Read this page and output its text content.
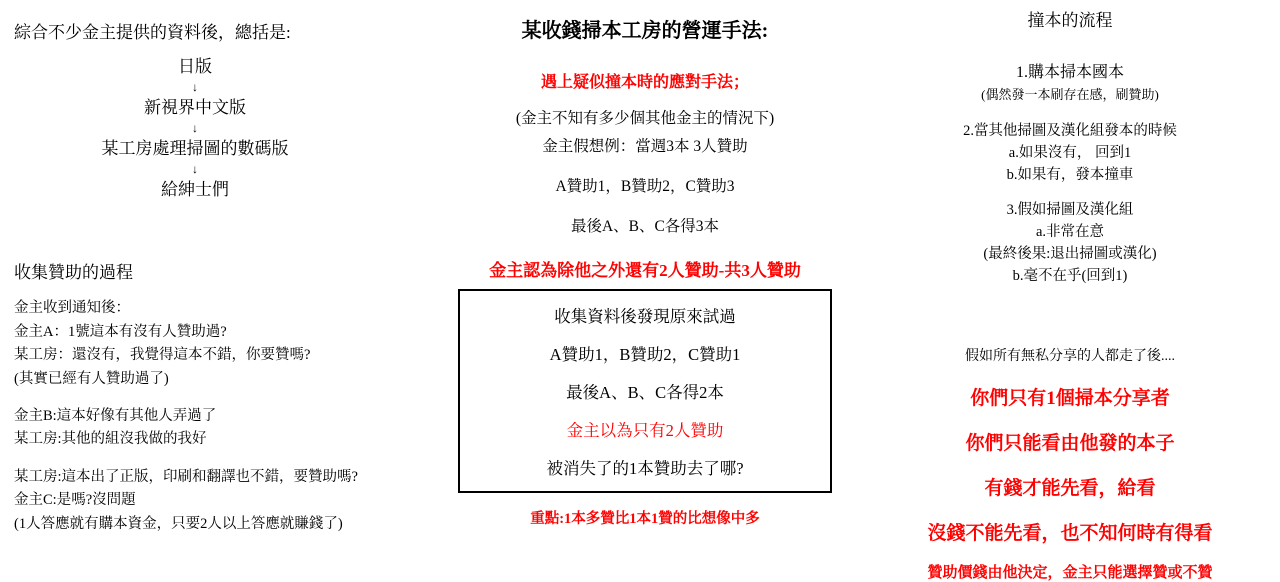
綜合不少金主提供的資料後，總括是:
日版
↓
新視界中文版
↓
某工房處理掃圖的數碼版
↓
給紳士們
收集贊助的過程
金主收到通知後：
金主A：1號這本有沒有人贊助過?
某工房：還沒有，我覺得這本不錯，你要贊嗎?
(其實已經有人贊助過了)
金主B:這本好像有其他人弄過了
某工房:其他的組沒我做的我好
某工房:這本出了正版，印刷和翻譯也不錯，要贊助嗎?
金主C:是嗎?沒問題
(1人答應就有購本資金，只要2人以上答應就賺錢了)
某收錢掃本工房的營運手法:
遇上疑似撞本時的應對手法；
(金主不知有多少個其他金主的情況下)
金主假想例：當週3本 3人贊助
A贊助1，B贊助2，C贊助3
最後A、B、C各得3本
金主認為除他之外還有2人贊助-共3人贊助
收集資料後發現原來試過
A贊助1，B贊助2，C贊助1
最後A、B、C各得2本
金主以為只有2人贊助
被消失了的1本贊助去了哪?
重點:1本多贊比1本1贊的比想像中多
撞本的流程
1.購本掃本國本
(偶然發一本刷存在感，刷贊助)
2.當其他掃圖及漢化組發本的時候
a.如果沒有， 回到1
b.如果有，發本撞車
3.假如掃圖及漢化組
a.非常在意
(最終後果:退出掃圖或漢化)
b.毫不在乎(回到1)
假如所有無私分享的人都走了後....
你們只有1個掃本分享者
你們只能看由他發的本子
有錢才能先看，給看
沒錢不能先看，也不知何時有得看
贊助價錢由他決定，金主只能選擇贊或不贊
